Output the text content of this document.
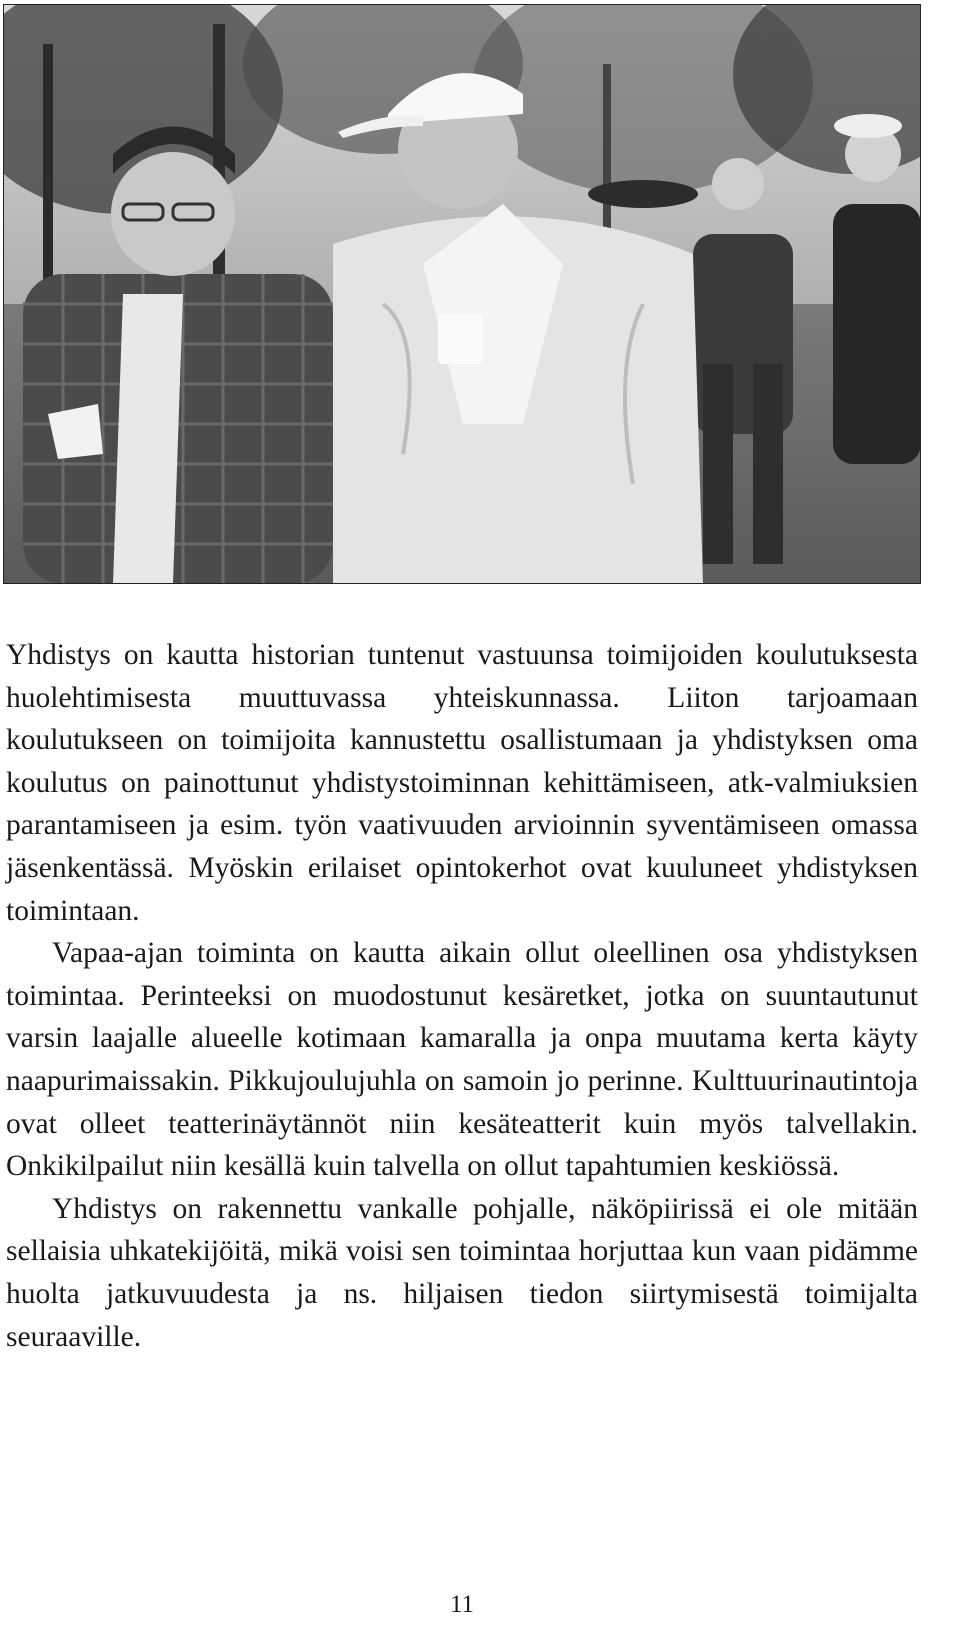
Yhdistys on kautta historian tuntenut vastuunsa toimijoiden koulutuksesta huolehtimisesta muuttuvassa yhteiskunnassa. Liiton tarjoamaan koulutukseen on toimijoita kannustettu osallistumaan ja yhdistyksen oma koulutus on painottunut yhdistystoiminnan kehittämiseen, atk-valmiuksien parantamiseen ja esim. työn vaativuuden arvioinnin syventämiseen omassa jäsenkentässä. Myöskin erilaiset opintokerhot ovat kuuluneet yhdistyksen toimintaan.

Vapaa-ajan toiminta on kautta aikain ollut oleellinen osa yhdistyksen toimintaa. Perinteeksi on muodostunut kesäretket, jotka on suuntautunut varsin laajalle alueelle kotimaan kamaralla ja onpa muutama kerta käyty naapurimaissakin. Pikkujoulujuhla on samoin jo perinne. Kulttuurinautintoja ovat olleet teatterinäytännöt niin kesäteatterit kuin myös talvellakin. Onkikilpailut niin kesällä kuin talvella on ollut tapahtumien keskiössä.

Yhdistys on rakennettu vankalle pohjalle, näköpiirissä ei ole mitään sellaisia uhkatekijöitä, mikä voisi sen toimintaa horjuttaa kun vaan pidämme huolta jatkuvuudesta ja ns. hiljaisen tiedon siirtymisestä toimijalta seuraaville.

11
